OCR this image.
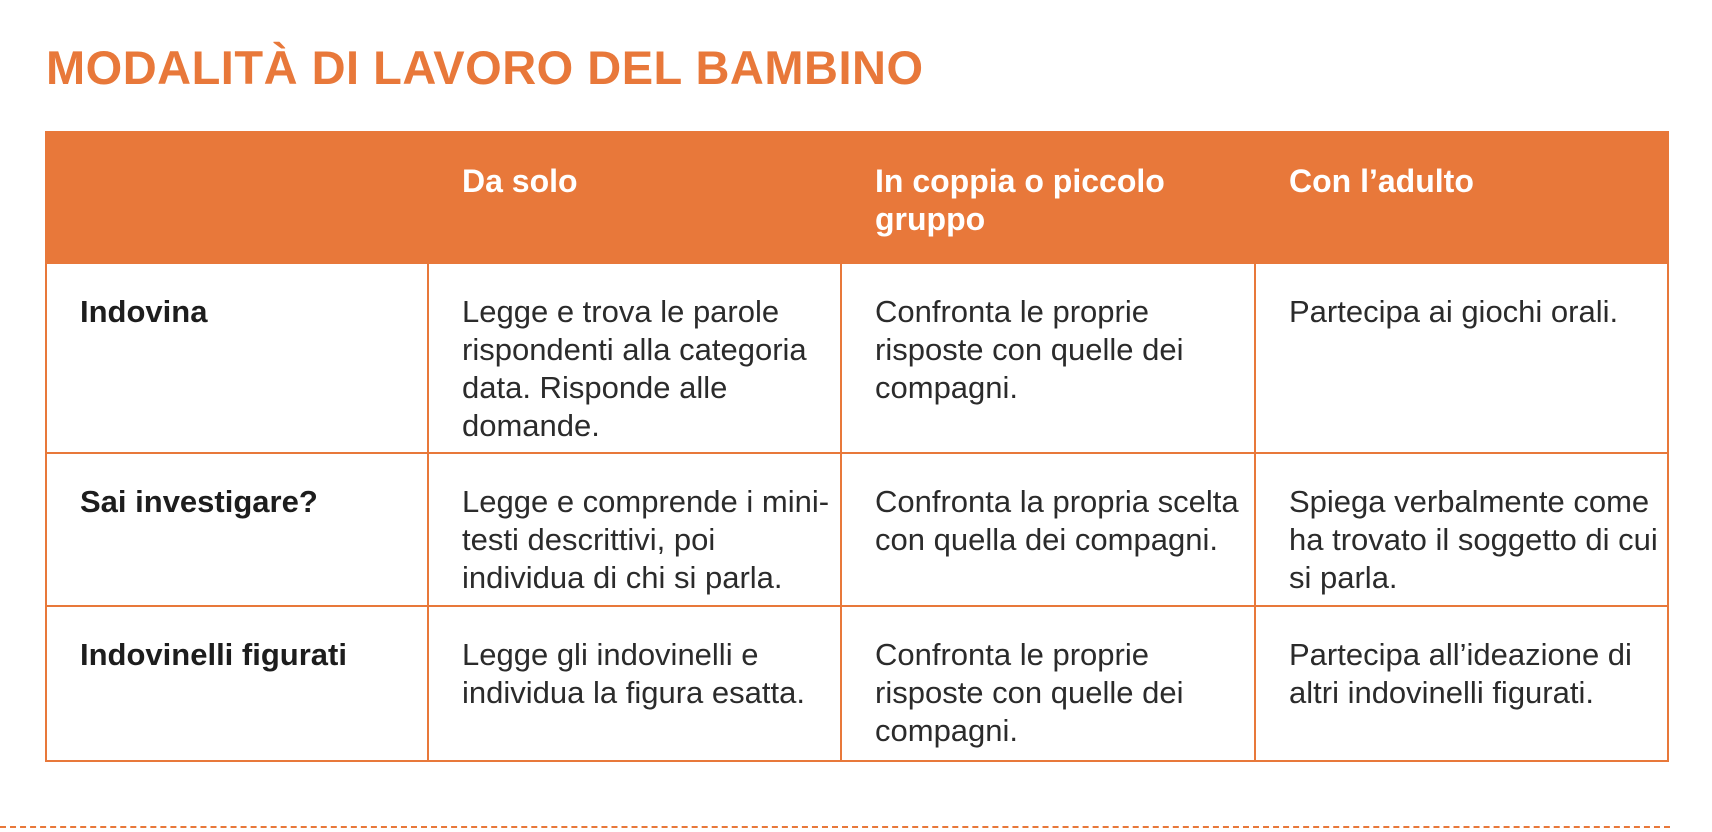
MODALITÀ DI LAVORO DEL BAMBINO
	Da solo	In coppia o piccolo gruppo	Con l’adulto
Indovina	Legge e trova le parole rispondenti alla categoria data. Risponde alle domande.	Confronta le proprie risposte con quelle dei compagni.	Partecipa ai giochi orali.
Sai investigare?	Legge e comprende i mini-testi descrittivi, poi individua di chi si parla.	Confronta la propria scelta con quella dei compagni.	Spiega verbalmente come ha trovato il soggetto di cui si parla.
Indovinelli figurati	Legge gli indovinelli e individua la figura esatta.	Confronta le proprie risposte con quelle dei compagni.	Partecipa all’ideazione di altri indovinelli figurati.
